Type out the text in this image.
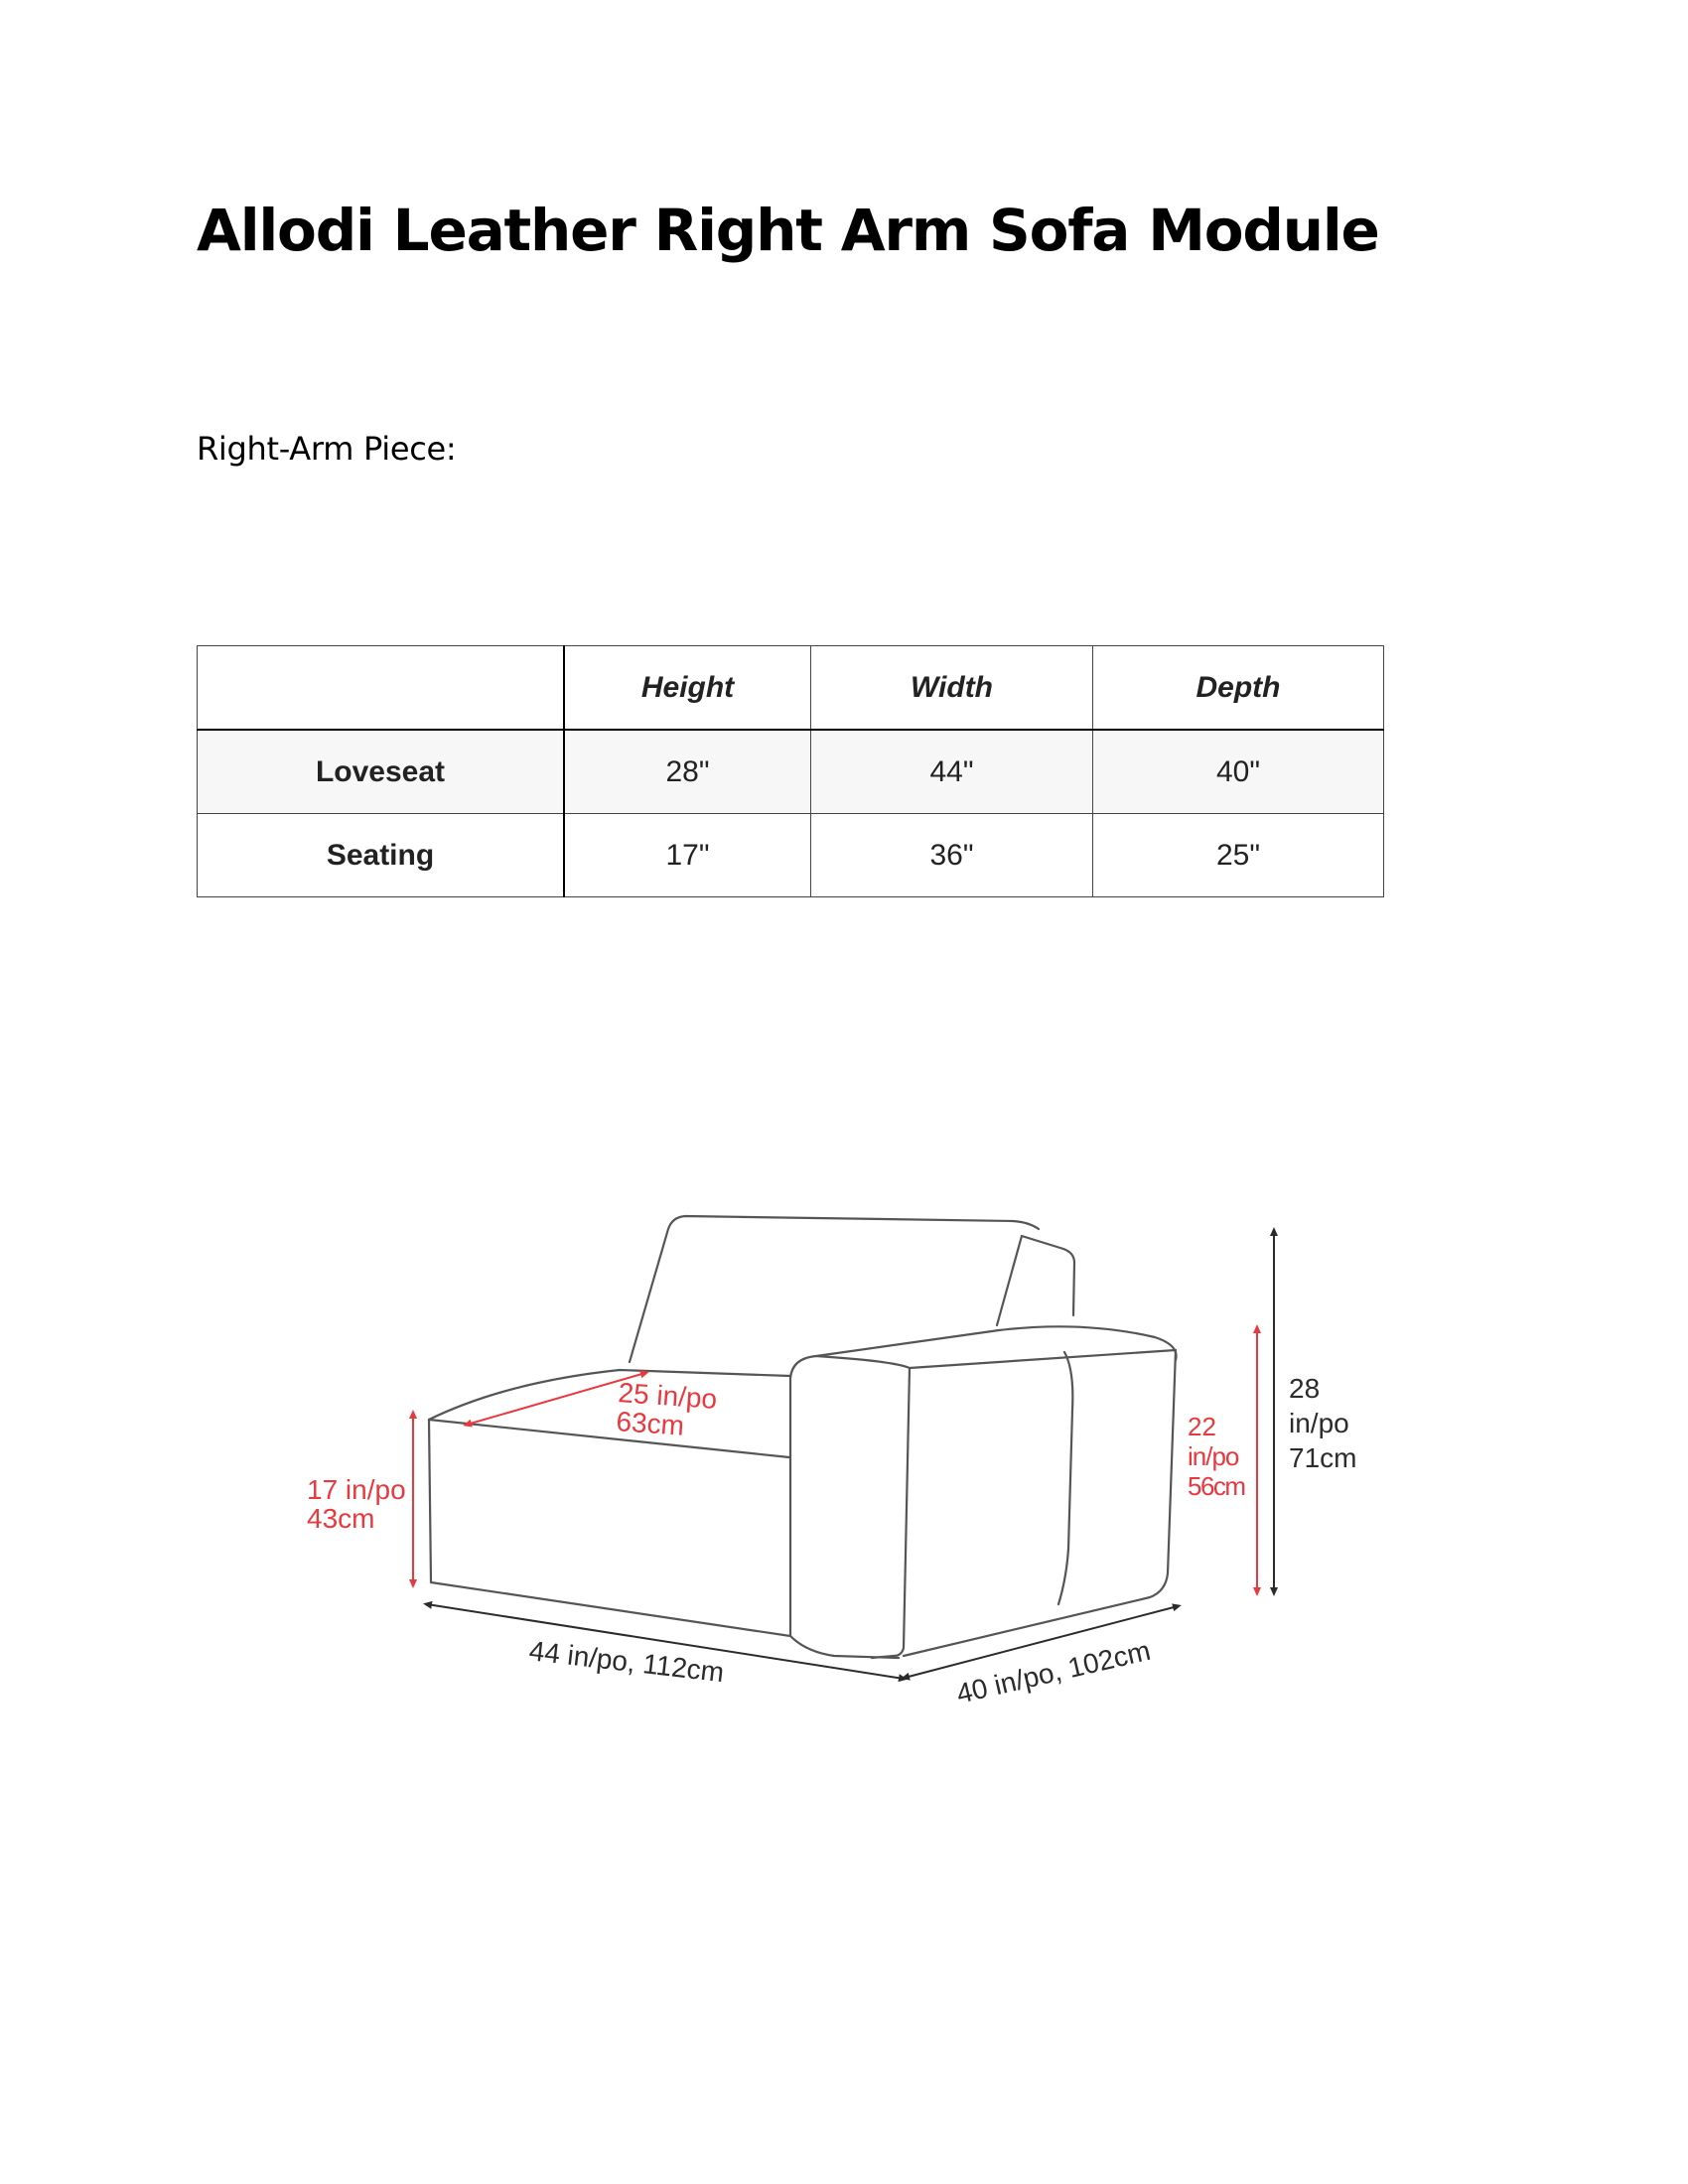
Allodi Leather Right Arm Sofa Module

Right-Arm Piece:

	Height	Width	Depth
Loveseat	28"	44"	40"
Seating	17"	36"	25"
25 in/po
63cm
17 in/po
43cm
22
in/po
56cm
28
in/po
71cm
44 in/po, 112cm	40 in/po, 102cm
